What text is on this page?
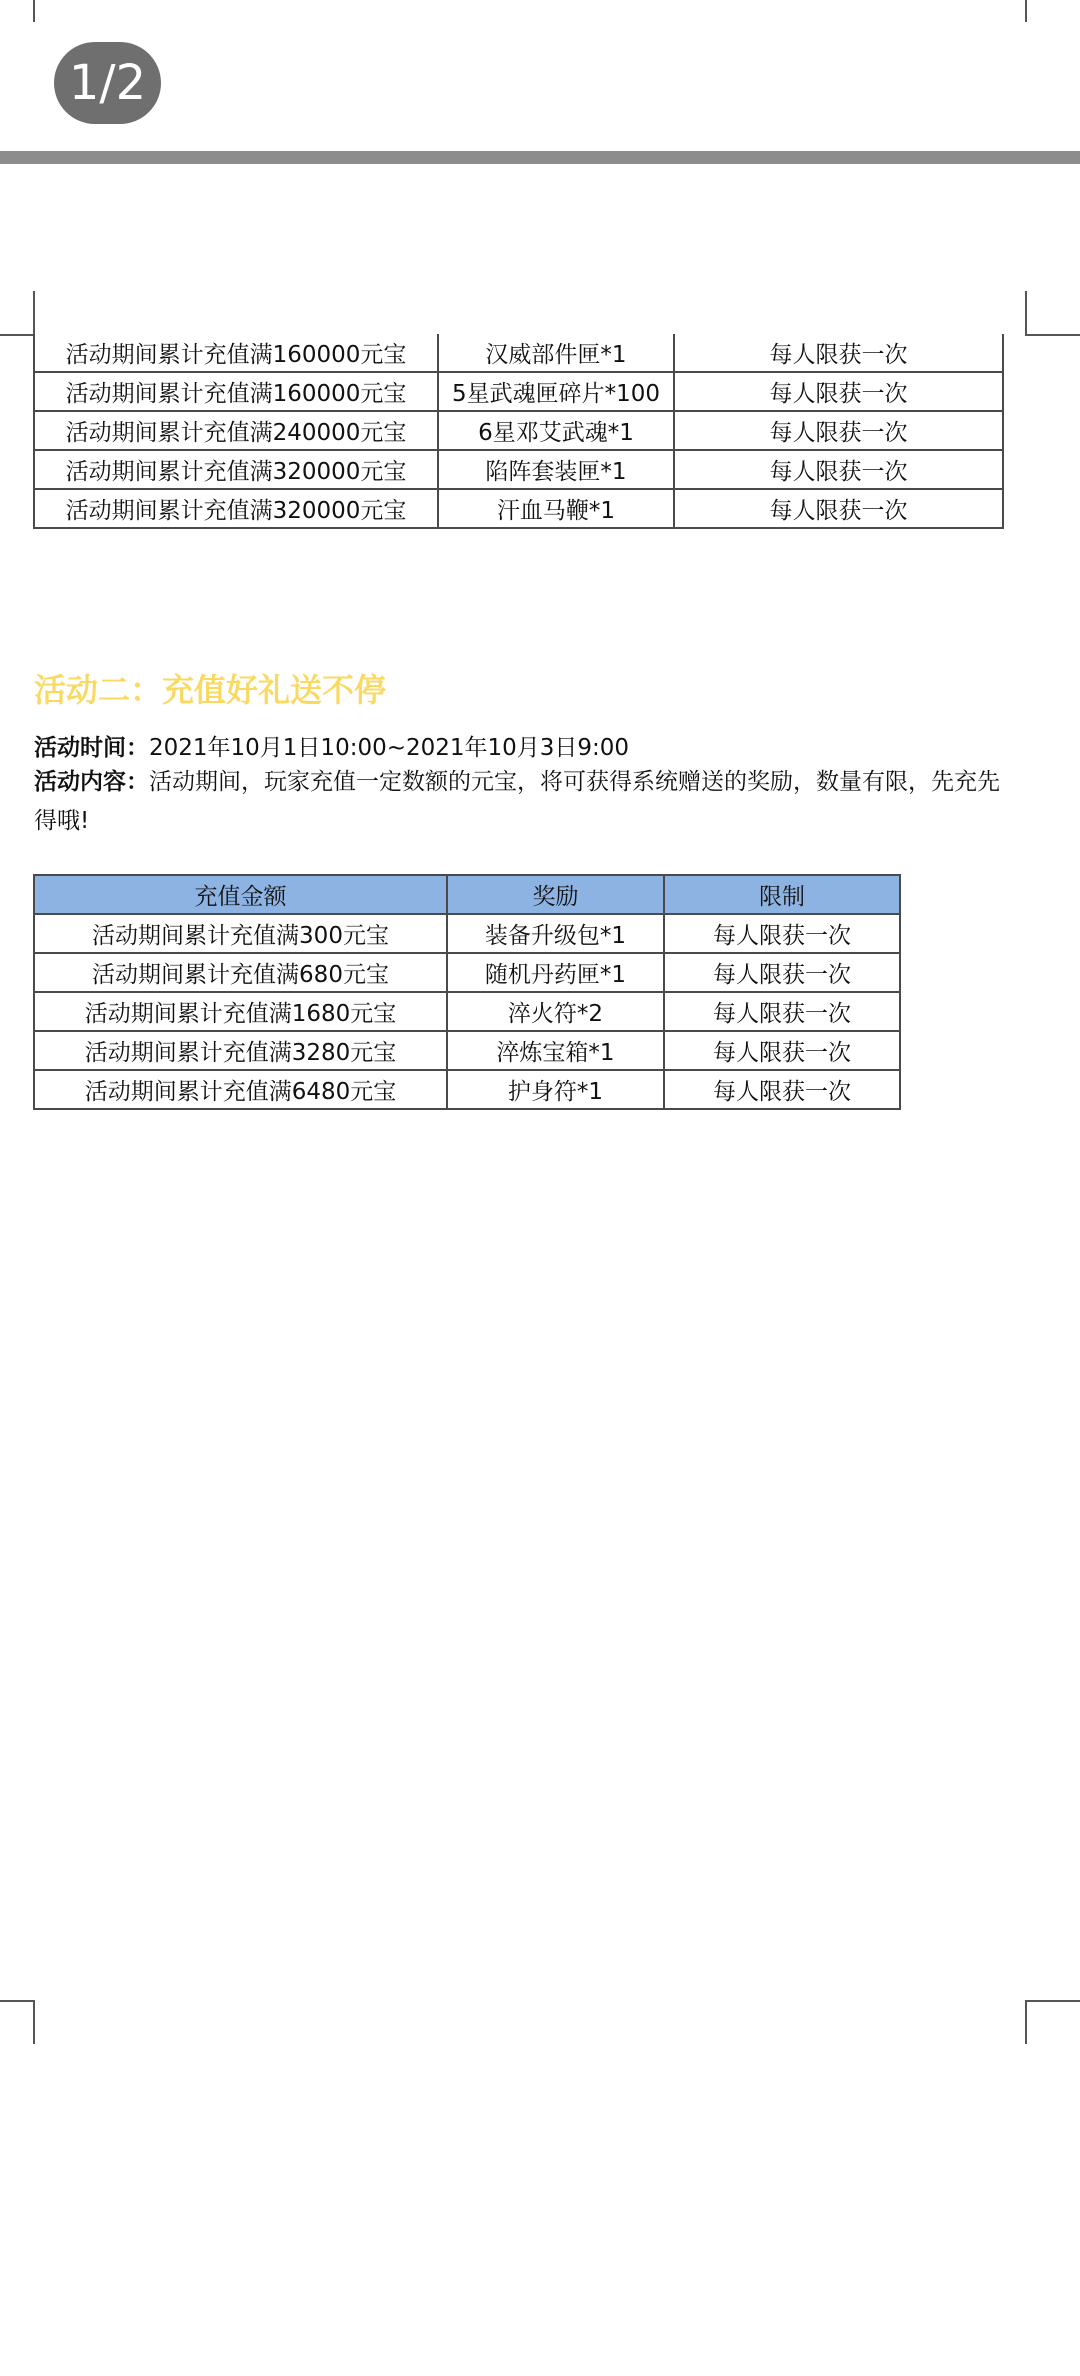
1/2
活动期间累计充值满160000元宝	汉威部件匣*1	每人限获一次
活动期间累计充值满160000元宝	5星武魂匣碎片*100	每人限获一次
活动期间累计充值满240000元宝	6星邓艾武魂*1	每人限获一次
活动期间累计充值满320000元宝	陷阵套装匣*1	每人限获一次
活动期间累计充值满320000元宝	汗血马鞭*1	每人限获一次
活动二：充值好礼送不停
活动时间：2021年10月1日10:00~2021年10月3日9:00
活动内容：活动期间，玩家充值一定数额的元宝，将可获得系统赠送的奖励，数量有限，先充先得哦!
充值金额	奖励	限制
活动期间累计充值满300元宝	装备升级包*1	每人限获一次
活动期间累计充值满680元宝	随机丹药匣*1	每人限获一次
活动期间累计充值满1680元宝	淬火符*2	每人限获一次
活动期间累计充值满3280元宝	淬炼宝箱*1	每人限获一次
活动期间累计充值满6480元宝	护身符*1	每人限获一次
